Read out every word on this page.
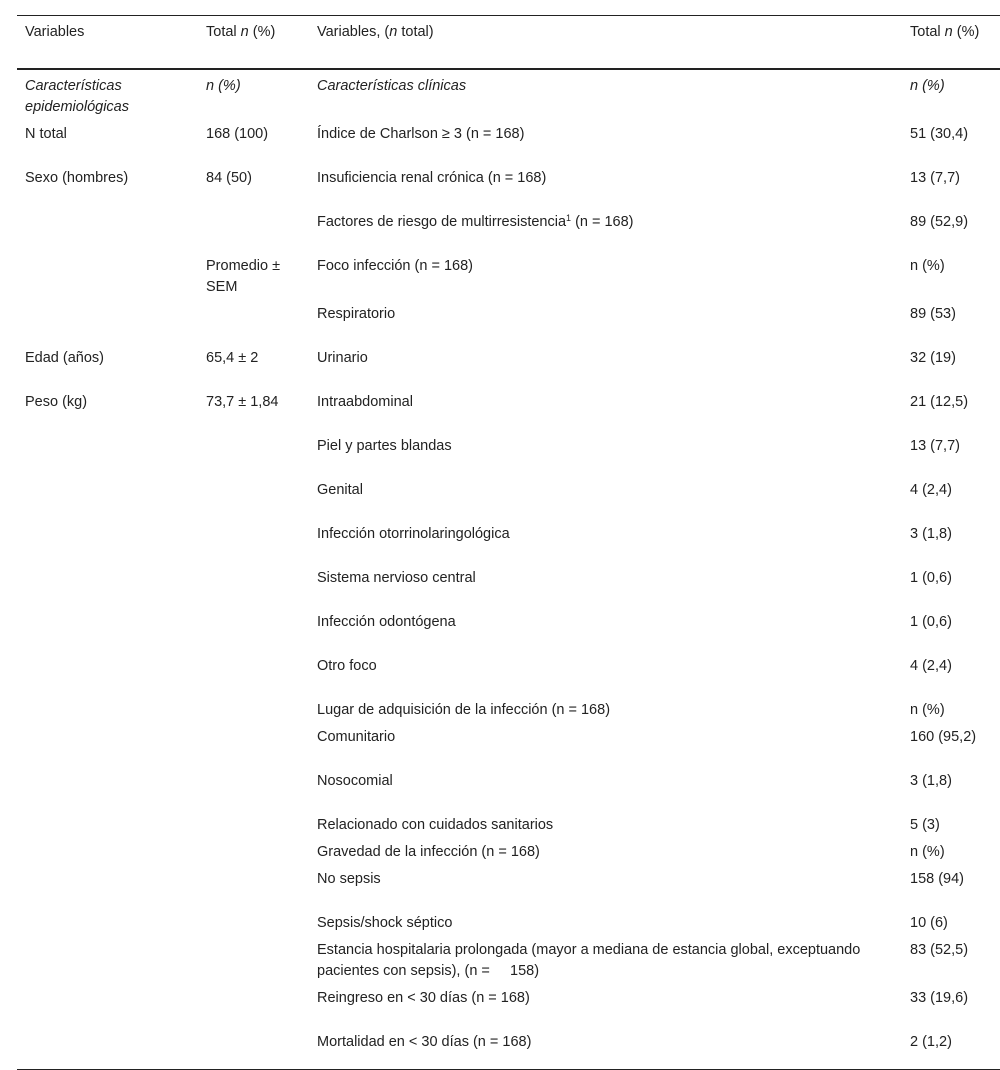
Variables	Total n (%)	Variables, (n total)	Total n (%)
Características epidemiológicas	n (%)	Características clínicas	n (%)
N total	168 (100)	Índice de Charlson ≥ 3 (n = 168)	51 (30,4)
Sexo (hombres)	84 (50)	Insuficiencia renal crónica (n = 168)	13 (7,7)
		Factores de riesgo de multirresistencia$^1$ (n = 168)	89 (52,9)
	Promedio ± SEM	Foco infección (n = 168)	n (%)
		Respiratorio	89 (53)
Edad (años)	65,4 ± 2	Urinario	32 (19)
Peso (kg)	73,7 ± 1,84	Intraabdominal	21 (12,5)
		Piel y partes blandas	13 (7,7)
		Genital	4 (2,4)
		Infección otorrinolaringológica	3 (1,8)
		Sistema nervioso central	1 (0,6)
		Infección odontógena	1 (0,6)
		Otro foco	4 (2,4)
		Lugar de adquisición de la infección (n = 168)	n (%)
		Comunitario	160 (95,2)
		Nosocomial	3 (1,8)
		Relacionado con cuidados sanitarios	5 (3)
		Gravedad de la infección (n = 168)	n (%)
		No sepsis	158 (94)
		Sepsis/shock séptico	10 (6)
		Estancia hospitalaria prolongada (mayor a mediana de estancia global, exceptuando pacientes con sepsis), (n =     158)	83 (52,5)
		Reingreso en < 30 días (n = 168)	33 (19,6)
		Mortalidad en < 30 días (n = 168)	2 (1,2)
